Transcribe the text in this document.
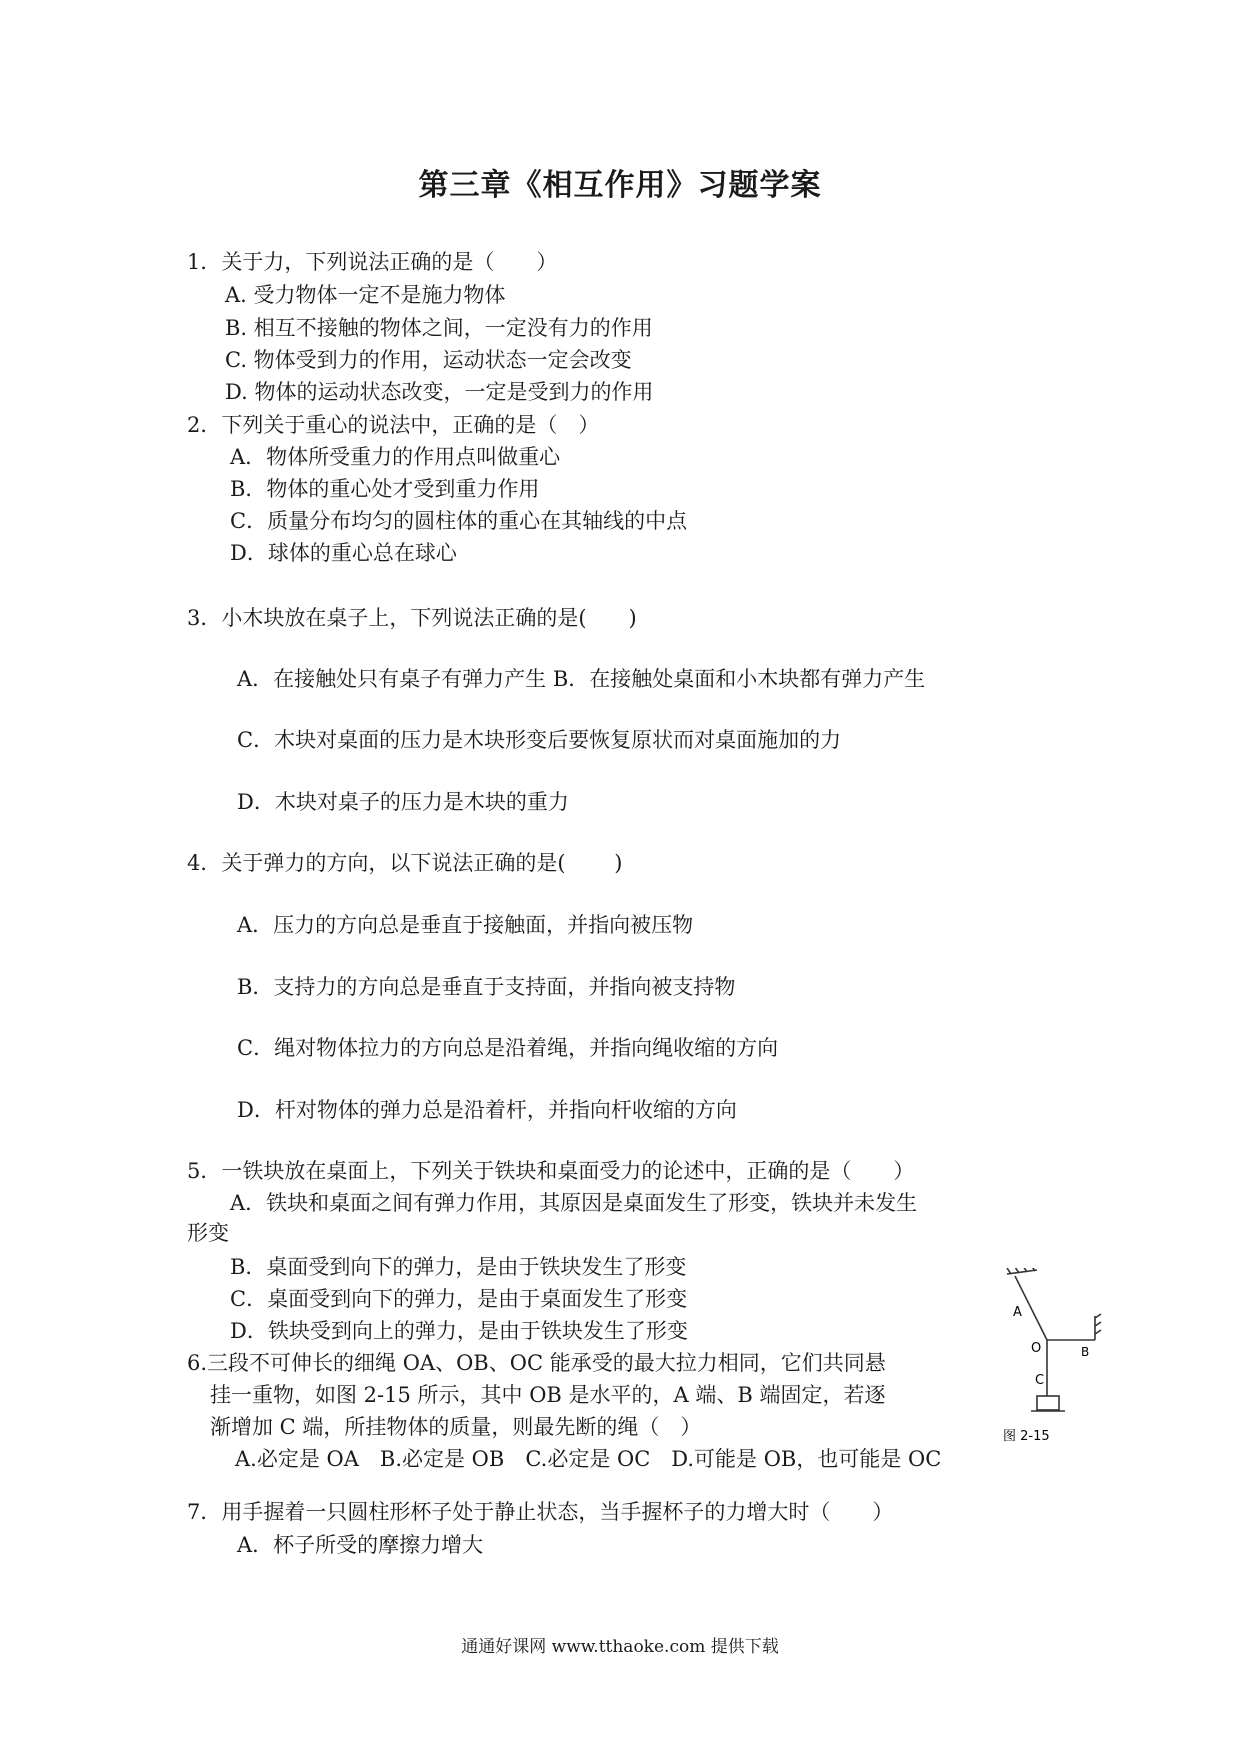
第三章《相互作用》习题学案
1．关于力，下列说法正确的是（　　）
A. 受力物体一定不是施力物体
B. 相互不接触的物体之间，一定没有力的作用
C. 物体受到力的作用，运动状态一定会改变
D. 物体的运动状态改变，一定是受到力的作用
2．下列关于重心的说法中，正确的是（　）
A．物体所受重力的作用点叫做重心
B．物体的重心处才受到重力作用
C．质量分布均匀的圆柱体的重心在其轴线的中点
D．球体的重心总在球心
3．小木块放在桌子上，下列说法正确的是(　　)
A．在接触处只有桌子有弹力产生 B．在接触处桌面和小木块都有弹力产生
C．木块对桌面的压力是木块形变后要恢复原状而对桌面施加的力
D．木块对桌子的压力是木块的重力
4．关于弹力的方向，以下说法正确的是(　　 )
A．压力的方向总是垂直于接触面，并指向被压物
B．支持力的方向总是垂直于支持面，并指向被支持物
C．绳对物体拉力的方向总是沿着绳，并指向绳收缩的方向
D．杆对物体的弹力总是沿着杆，并指向杆收缩的方向
5．一铁块放在桌面上，下列关于铁块和桌面受力的论述中，正确的是（　　）
A．铁块和桌面之间有弹力作用，其原因是桌面发生了形变，铁块并未发生
形变
B．桌面受到向下的弹力，是由于铁块发生了形变
C．桌面受到向下的弹力，是由于桌面发生了形变
D．铁块受到向上的弹力，是由于铁块发生了形变
6.三段不可伸长的细绳 OA、OB、OC 能承受的最大拉力相同，它们共同悬
挂一重物，如图 2-15 所示，其中 OB 是水平的，A 端、B 端固定，若逐
渐增加 C 端，所挂物体的质量，则最先断的绳（　）
A.必定是 OA　B.必定是 OB　C.必定是 OC　D.可能是 OB，也可能是 OC
7．用手握着一只圆柱形杯子处于静止状态，当手握杯子的力增大时（　　）
A．杯子所受的摩擦力增大
A
O	B
C
图 2-15
通通好课网 www.tthaoke.com 提供下载
